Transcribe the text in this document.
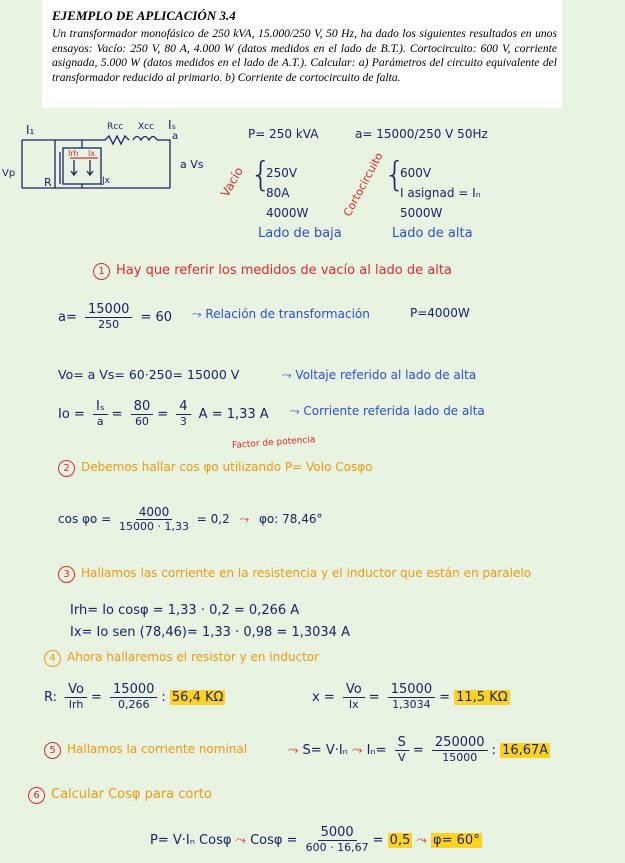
EJEMPLO DE APLICACIÓN 3.4
Un transformador monofásico de 250 kVA, 15.000/250 V, 50 Hz, ha dado los siguientes resultados en unos ensayos: Vacío: 250 V, 80 A, 4.000 W (datos medidos en el lado de B.T.). Cortocircuito: 600 V, corriente asignada, 5.000 W (datos medidos en el lado de A.T.). Calcular: a) Parámetros del circuito equivalente del transformador reducido al primario. b) Corriente de cortocircuito de falta.
I₁	Rcc Xcc Iₛ
a
Vp
R	Jx
Irh Ix
a Vs
P= 250 kVA	a= 15000/250 V 50Hz
Vacío {
250V
80A
4000W
Lado de baja
Cortocircuito
{
600V
I asignad = Iₙ
5000W
Lado de alta
1 Hay que referir los medidos de vacío al lado de alta
$a= \frac{15000}{250} = 60$ ⤳ Relación de transformación	P=4000W
Vo= a Vs= 60·250= 15000 V	⤳ Voltaje referido al lado de alta
$Io = \frac{\text{Iₛ}}{a} = \frac{80}{60} = \frac{4}{3}$ A = 1,33 A ⤳ Corriente referida lado de alta
Factor de potencia
2 Debemos hallar cos φo utilizando P= VoIo Cosφo
$\cos \varphi o = \frac{4000}{15000 \cdot 1,33} = 0,2$ ⤳ φo: 78,46°
3 Hallamos las corriente en la resistencia y el inductor que están en paralelo
Irh= Io cosφ = 1,33 · 0,2 = 0,266 A
Ix= Io sen (78,46)= 1,33 · 0,98 = 1,3034 A
4 Ahora hallaremos el resistor y en inductor
R: $\frac{Vo}{\text{Irh}} = \frac{15000}{0,266}$ : 56,4 KΩ	$x = \frac{Vo}{Ix} = \frac{15000}{1,3034} = 11,5$ KΩ
5 Hallamos la corriente nominal	⤳ S= V·Iₙ ⤳ $I_n= \frac{S}{V} = \frac{250000}{15000}$ : 16,67A
6 Calcular Cosφ para corto
P= V·Iₙ Cosφ ⤳ $Cos\varphi = \frac{5000}{600 \cdot 16,67} = 0,5$ ⤳ φ= 60°
